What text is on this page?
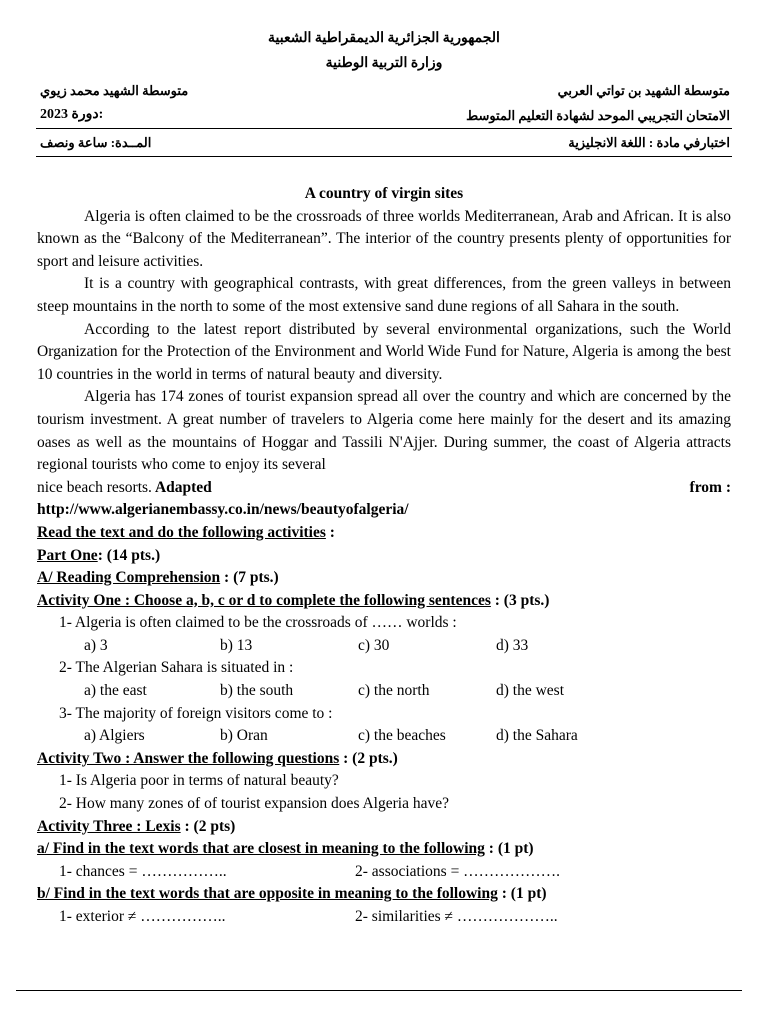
الجمهورية الجزائرية الديمقراطية الشعبية
وزارة التربية الوطنية
متوسطة الشهيد بن تواتي العربي
متوسطة الشهيد محمد زيوي
الامتحان التجريبي الموحد لشهادة التعليم المتوسط
2023 دورة:
اختبارفي مادة : اللغة الانجليزية
المــدة: ساعة ونصف

A country of virgin sites

Algeria is often claimed to be the crossroads of three worlds Mediterranean, Arab and African. It is also known as the “Balcony of the Mediterranean”. The interior of the country presents plenty of opportunities for sport and leisure activities.

It is a country with geographical contrasts, with great differences, from the green valleys in between steep mountains in the north to some of the most extensive sand dune regions of all Sahara in the south.

According to the latest report distributed by several environmental organizations, such the World Organization for the Protection of the Environment and World Wide Fund for Nature, Algeria is among the best 10 countries in the world in terms of natural beauty and diversity.

Algeria has 174 zones of tourist expansion spread all over the country and which are concerned by the tourism investment. A great number of travelers to Algeria come here mainly for the desert and its amazing oases as well as the mountains of Hoggar and Tassili N'Ajjer. During summer, the coast of Algeria attracts regional tourists who come to enjoy its several

nice beach resorts. Adapted	from :
http://www.algerianembassy.co.in/news/beautyofalgeria/
Read the text and do the following activities :
Part One: (14 pts.)
A/ Reading Comprehension : (7 pts.)
Activity One : Choose a, b, c or d to complete the following sentences : (3 pts.)
1- Algeria is often claimed to be the crossroads of …… worlds :
a) 3	b) 13	c) 30	d) 33
2- The Algerian Sahara is situated in :
a) the east	b) the south	c) the north	d) the west
3- The majority of foreign visitors come to :
a) Algiers	b) Oran	c) the beaches	d) the Sahara
Activity Two : Answer the following questions : (2 pts.)
1- Is Algeria poor in terms of natural beauty?
2- How many zones of of tourist expansion does Algeria have?
Activity Three : Lexis : (2 pts)
a/ Find in the text words that are closest in meaning to the following : (1 pt)
1- chances = ……………..	2- associations = ……………….
b/ Find in the text words that are opposite in meaning to the following : (1 pt)
1- exterior ≠ ……………..	2- similarities ≠ ………………..
